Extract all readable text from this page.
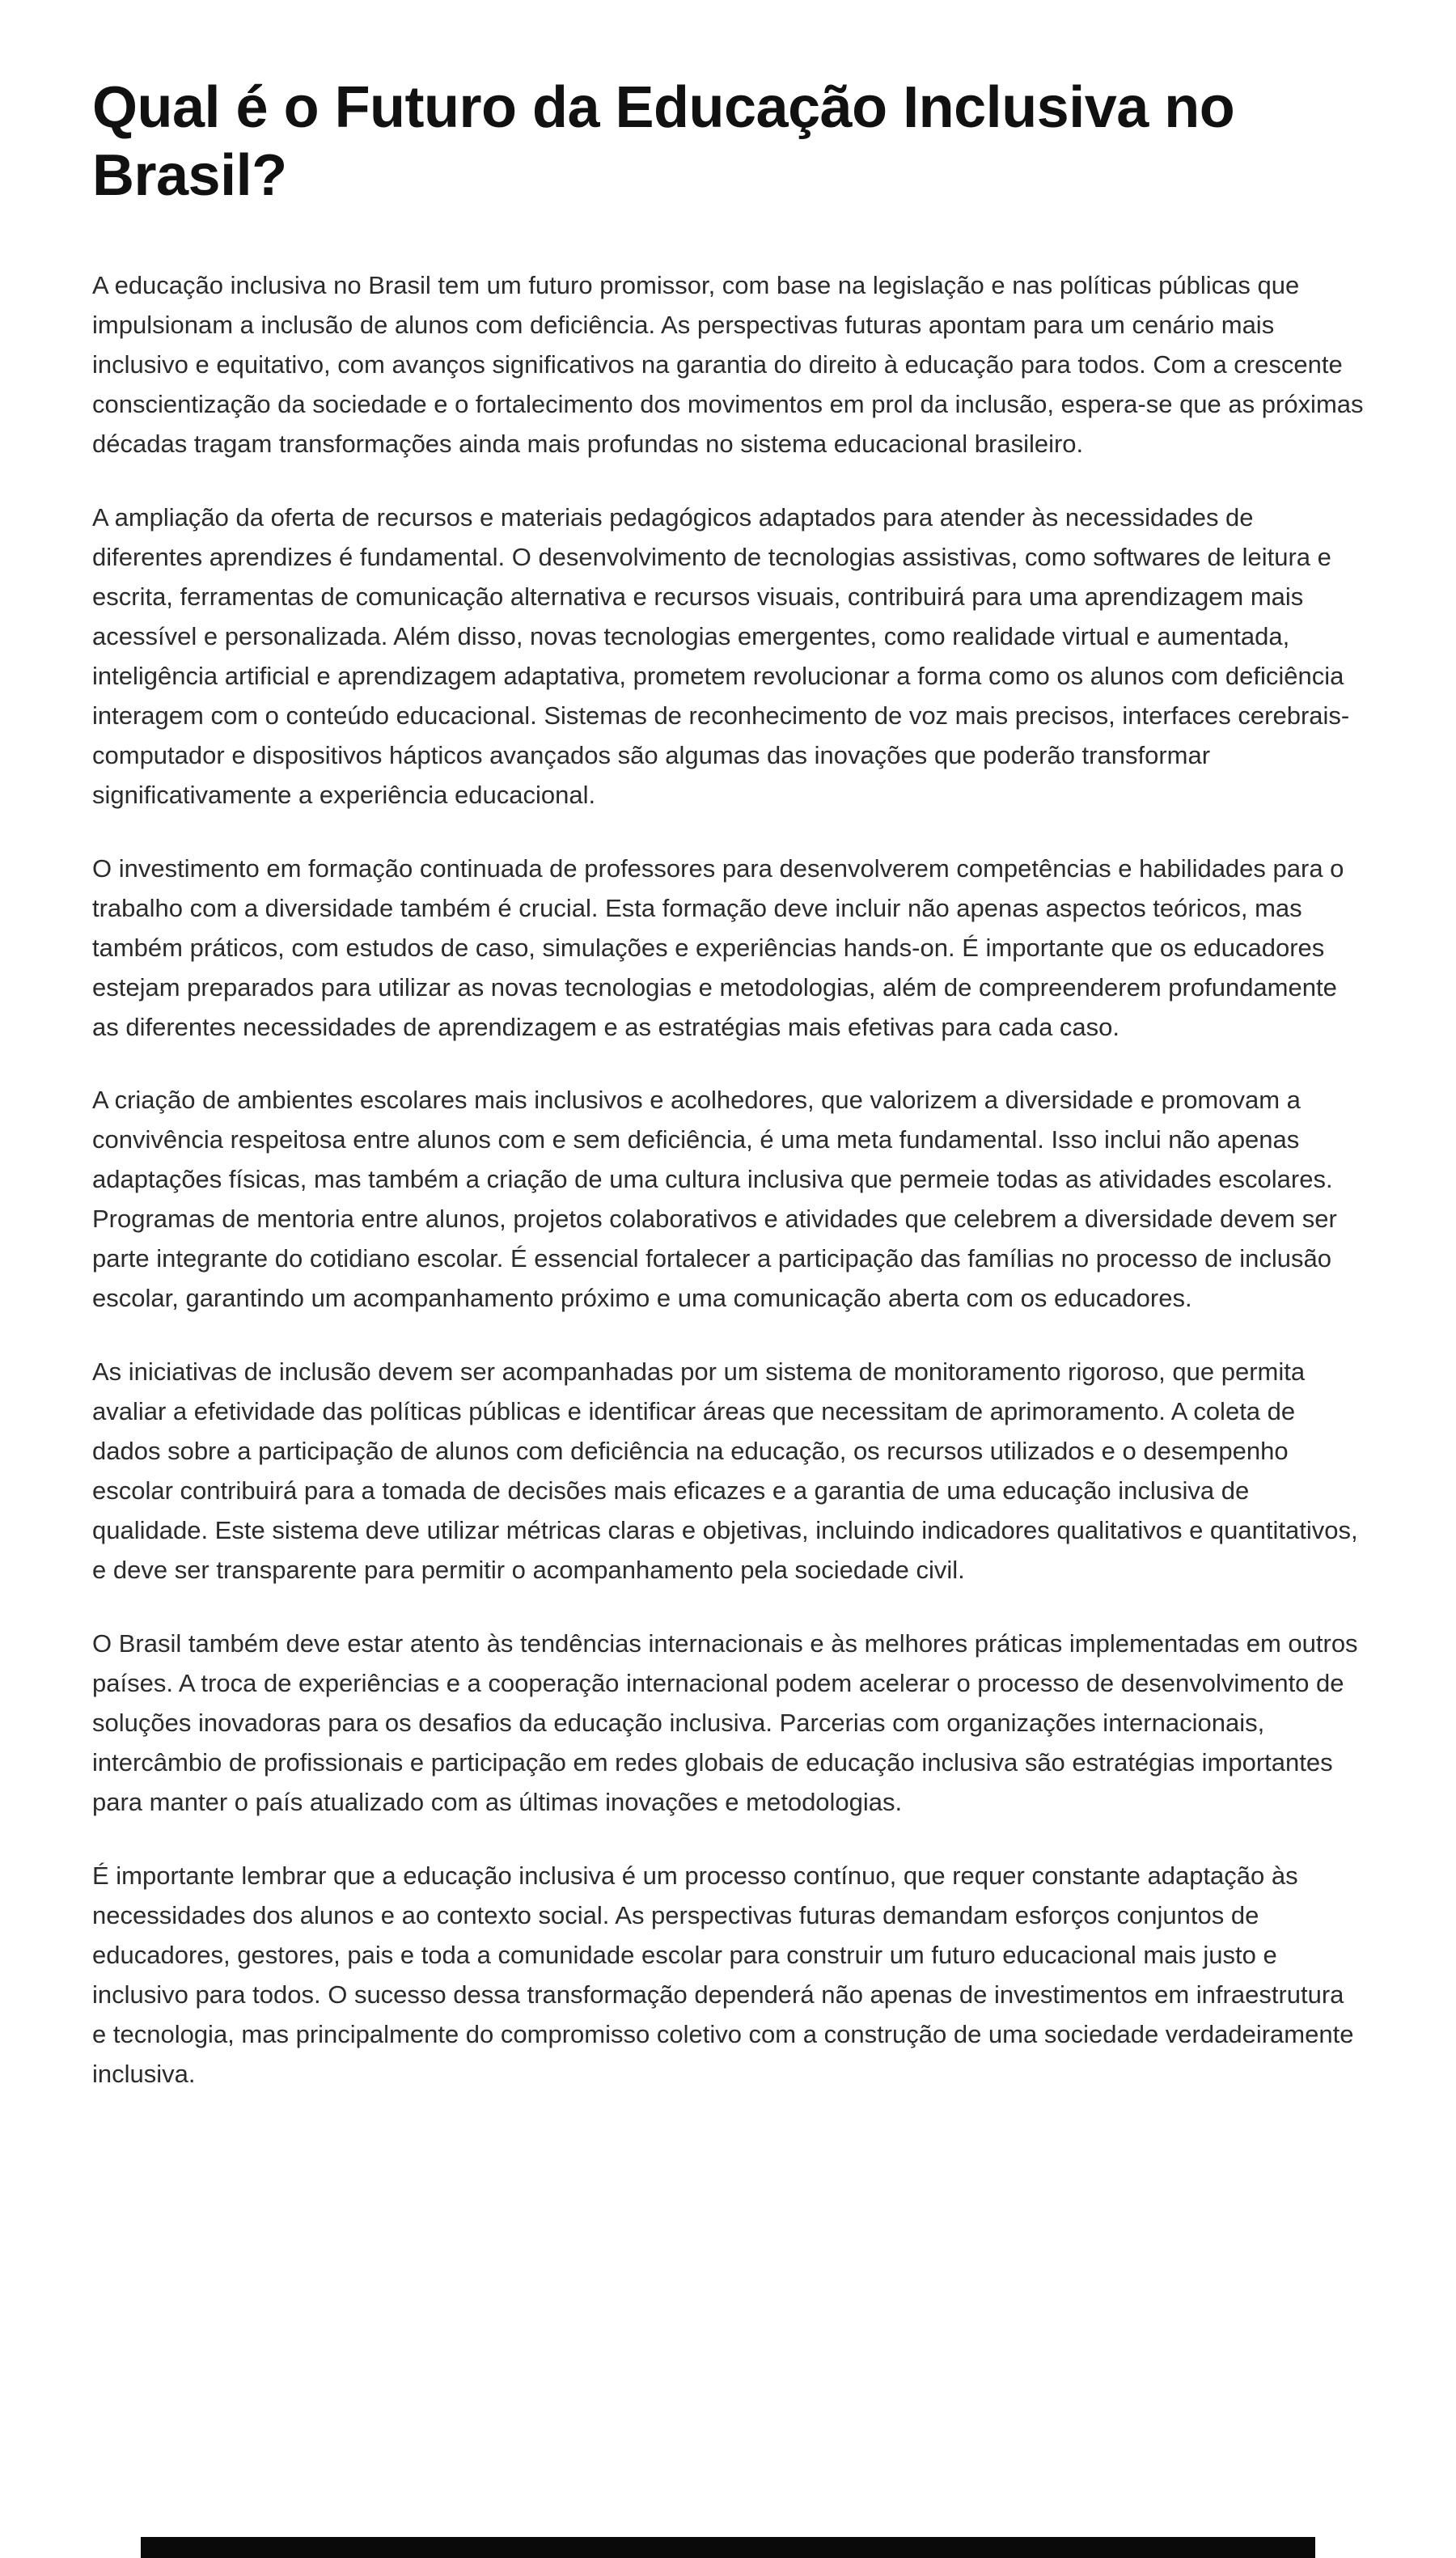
Qual é o Futuro da Educação Inclusiva no Brasil?

A educação inclusiva no Brasil tem um futuro promissor, com base na legislação e nas políticas públicas que impulsionam a inclusão de alunos com deficiência. As perspectivas futuras apontam para um cenário mais inclusivo e equitativo, com avanços significativos na garantia do direito à educação para todos. Com a crescente conscientização da sociedade e o fortalecimento dos movimentos em prol da inclusão, espera-se que as próximas décadas tragam transformações ainda mais profundas no sistema educacional brasileiro.

A ampliação da oferta de recursos e materiais pedagógicos adaptados para atender às necessidades de diferentes aprendizes é fundamental. O desenvolvimento de tecnologias assistivas, como softwares de leitura e escrita, ferramentas de comunicação alternativa e recursos visuais, contribuirá para uma aprendizagem mais acessível e personalizada. Além disso, novas tecnologias emergentes, como realidade virtual e aumentada, inteligência artificial e aprendizagem adaptativa, prometem revolucionar a forma como os alunos com deficiência interagem com o conteúdo educacional. Sistemas de reconhecimento de voz mais precisos, interfaces cerebrais-computador e dispositivos hápticos avançados são algumas das inovações que poderão transformar significativamente a experiência educacional.

O investimento em formação continuada de professores para desenvolverem competências e habilidades para o trabalho com a diversidade também é crucial. Esta formação deve incluir não apenas aspectos teóricos, mas também práticos, com estudos de caso, simulações e experiências hands-on. É importante que os educadores estejam preparados para utilizar as novas tecnologias e metodologias, além de compreenderem profundamente as diferentes necessidades de aprendizagem e as estratégias mais efetivas para cada caso.

A criação de ambientes escolares mais inclusivos e acolhedores, que valorizem a diversidade e promovam a convivência respeitosa entre alunos com e sem deficiência, é uma meta fundamental. Isso inclui não apenas adaptações físicas, mas também a criação de uma cultura inclusiva que permeie todas as atividades escolares. Programas de mentoria entre alunos, projetos colaborativos e atividades que celebrem a diversidade devem ser parte integrante do cotidiano escolar. É essencial fortalecer a participação das famílias no processo de inclusão escolar, garantindo um acompanhamento próximo e uma comunicação aberta com os educadores.

As iniciativas de inclusão devem ser acompanhadas por um sistema de monitoramento rigoroso, que permita avaliar a efetividade das políticas públicas e identificar áreas que necessitam de aprimoramento. A coleta de dados sobre a participação de alunos com deficiência na educação, os recursos utilizados e o desempenho escolar contribuirá para a tomada de decisões mais eficazes e a garantia de uma educação inclusiva de qualidade. Este sistema deve utilizar métricas claras e objetivas, incluindo indicadores qualitativos e quantitativos, e deve ser transparente para permitir o acompanhamento pela sociedade civil.

O Brasil também deve estar atento às tendências internacionais e às melhores práticas implementadas em outros países. A troca de experiências e a cooperação internacional podem acelerar o processo de desenvolvimento de soluções inovadoras para os desafios da educação inclusiva. Parcerias com organizações internacionais, intercâmbio de profissionais e participação em redes globais de educação inclusiva são estratégias importantes para manter o país atualizado com as últimas inovações e metodologias.

É importante lembrar que a educação inclusiva é um processo contínuo, que requer constante adaptação às necessidades dos alunos e ao contexto social. As perspectivas futuras demandam esforços conjuntos de educadores, gestores, pais e toda a comunidade escolar para construir um futuro educacional mais justo e inclusivo para todos. O sucesso dessa transformação dependerá não apenas de investimentos em infraestrutura e tecnologia, mas principalmente do compromisso coletivo com a construção de uma sociedade verdadeiramente inclusiva.
